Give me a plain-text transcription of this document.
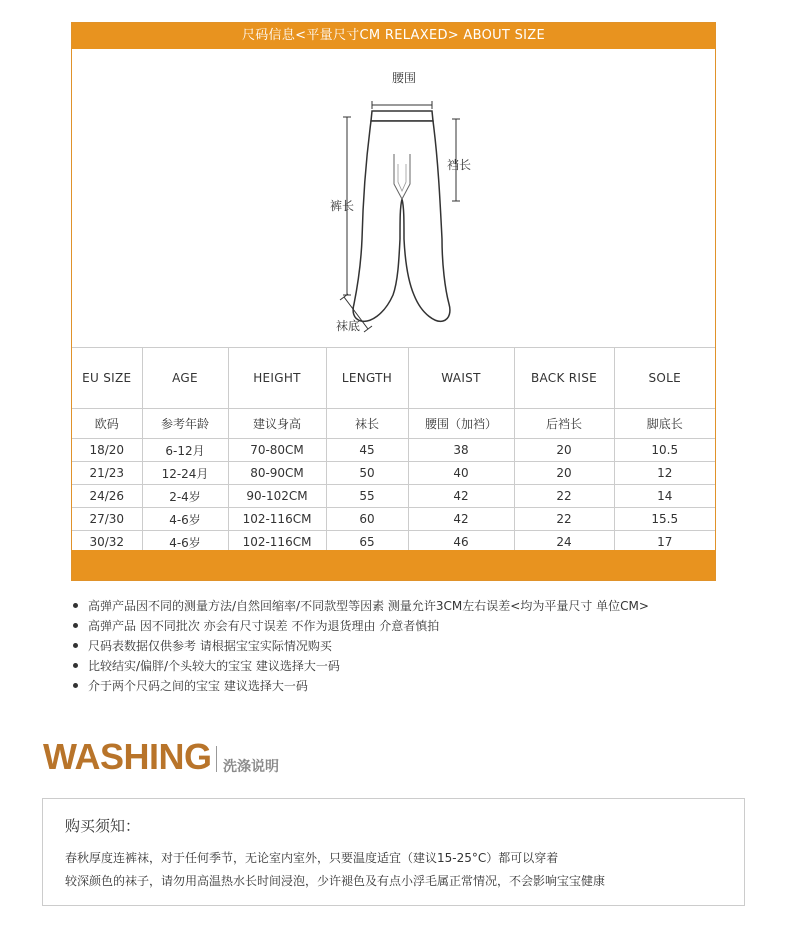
尺码信息<平量尺寸CM RELAXED> ABOUT SIZE
腰围
裆长
裤长
袜底
EU SIZE	AGE	HEIGHT	LENGTH	WAIST	BACK RISE	SOLE
欧码	参考年龄	建议身高	袜长	腰围（加裆）	后裆长	脚底长
18/20	6-12月	70-80CM	45	38	20	10.5
21/23	12-24月	80-90CM	50	40	20	12
24/26	2-4岁	90-102CM	55	42	22	14
27/30	4-6岁	102-116CM	60	42	22	15.5
30/32	4-6岁	102-116CM	65	46	24	17
高弹产品因不同的测量方法/自然回缩率/不同款型等因素 测量允许3CM左右误差<均为平量尺寸 单位CM>
高弹产品 因不同批次 亦会有尺寸误差 不作为退货理由 介意者慎拍
尺码表数据仅供参考 请根据宝宝实际情况购买
比较结实/偏胖/个头较大的宝宝 建议选择大一码
介于两个尺码之间的宝宝 建议选择大一码
WASHING 洗涤说明
购买须知：
春秋厚度连裤袜，对于任何季节，无论室内室外，只要温度适宜（建议15-25°C）都可以穿着
较深颜色的袜子，请勿用高温热水长时间浸泡，少许褪色及有点小浮毛属正常情况，不会影响宝宝健康
